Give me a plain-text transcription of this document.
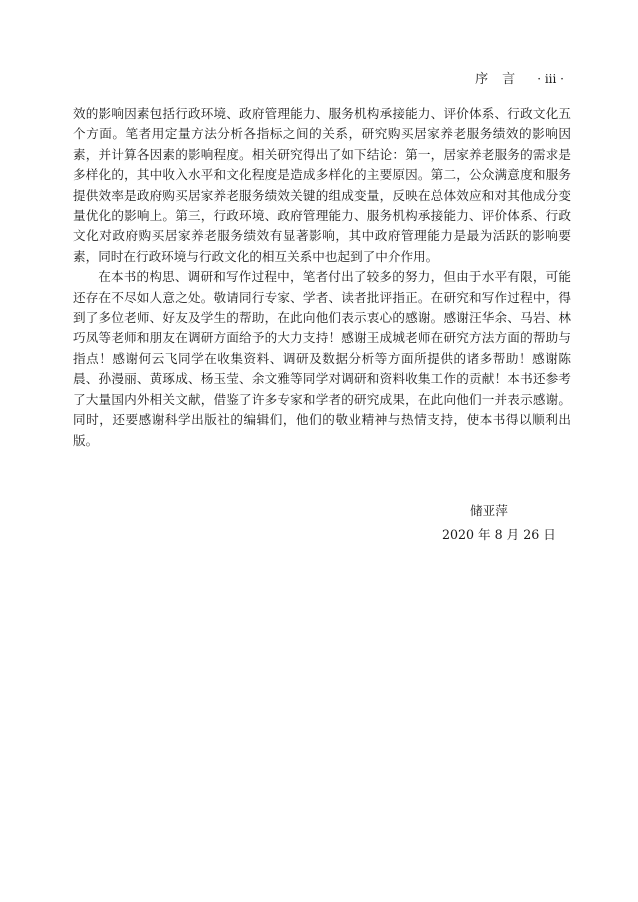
序言 · iii ·

效的影响因素包括行政环境、政府管理能力、服务机构承接能力、评价体系、行政文化五个方面。笔者用定量方法分析各指标之间的关系，研究购买居家养老服务绩效的影响因素，并计算各因素的影响程度。相关研究得出了如下结论：第一，居家养老服务的需求是多样化的，其中收入水平和文化程度是造成多样化的主要原因。第二，公众满意度和服务提供效率是政府购买居家养老服务绩效关键的组成变量，反映在总体效应和对其他成分变量优化的影响上。第三，行政环境、政府管理能力、服务机构承接能力、评价体系、行政文化对政府购买居家养老服务绩效有显著影响，其中政府管理能力是最为活跃的影响要素，同时在行政环境与行政文化的相互关系中也起到了中介作用。

在本书的构思、调研和写作过程中，笔者付出了较多的努力，但由于水平有限，可能还存在不尽如人意之处。敬请同行专家、学者、读者批评指正。在研究和写作过程中，得到了多位老师、好友及学生的帮助，在此向他们表示衷心的感谢。感谢汪华余、马岩、林巧凤等老师和朋友在调研方面给予的大力支持！感谢王成城老师在研究方法方面的帮助与指点！感谢何云飞同学在收集资料、调研及数据分析等方面所提供的诸多帮助！感谢陈晨、孙漫丽、黄琢成、杨玉莹、余文雅等同学对调研和资料收集工作的贡献！本书还参考了大量国内外相关文献，借鉴了许多专家和学者的研究成果，在此向他们一并表示感谢。同时，还要感谢科学出版社的编辑们，他们的敬业精神与热情支持，使本书得以顺利出版。

储亚萍
2020 年 8 月 26 日
